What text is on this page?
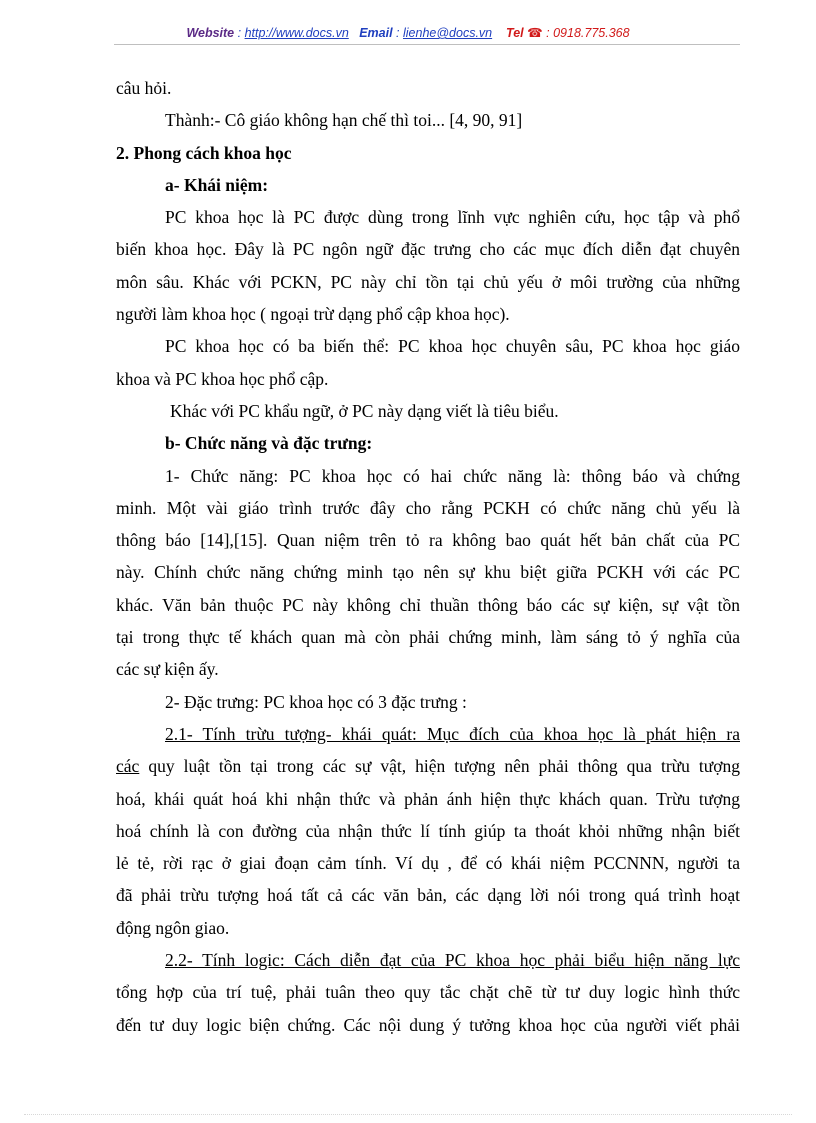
Website : http://www.docs.vn Email : lienhe@docs.vn Tel ☎ : 0918.775.368
câu hỏi.
Thành:- Cô giáo không hạn chế thì toi... [4, 90, 91]
2. Phong cách khoa học
a- Khái niệm:
PC khoa học là PC được dùng trong lĩnh vực nghiên cứu, học tập và phổ
biến khoa học. Đây là PC ngôn ngữ đặc trưng cho các mục đích diễn đạt chuyên
môn sâu. Khác với PCKN, PC này chỉ tồn tại chủ yếu ở môi trường của những
người làm khoa học ( ngoại trừ dạng phổ cập khoa học).
PC khoa học có ba biến thể: PC khoa học chuyên sâu, PC khoa học giáo
khoa và PC khoa học phổ cập.
Khác với PC khẩu ngữ, ở PC này dạng viết là tiêu biểu.
b- Chức năng và đặc trưng:
1- Chức năng: PC khoa học có hai chức năng là: thông báo và chứng
minh. Một vài giáo trình trước đây cho rằng PCKH có chức năng chủ yếu là
thông báo [14],[15]. Quan niệm trên tỏ ra không bao quát hết bản chất của PC
này. Chính chức năng chứng minh tạo nên sự khu biệt giữa PCKH với các PC
khác. Văn bản thuộc PC này không chỉ thuần thông báo các sự kiện, sự vật tồn
tại trong thực tế khách quan mà còn phải chứng minh, làm sáng tỏ ý nghĩa của
các sự kiện ấy.
2- Đặc trưng: PC khoa học có 3 đặc trưng :
2.1- Tính trừu tượng- khái quát: Mục đích của khoa học là phát hiện ra
các quy luật tồn tại trong các sự vật, hiện tượng nên phải thông qua trừu tượng
hoá, khái quát hoá khi nhận thức và phản ánh hiện thực khách quan. Trừu tượng
hoá chính là con đường của nhận thức lí tính giúp ta thoát khỏi những nhận biết
lẻ tẻ, rời rạc ở giai đoạn cảm tính. Ví dụ , để có khái niệm PCCNNN, người ta
đã phải trừu tượng hoá tất cả các văn bản, các dạng lời nói trong quá trình hoạt
động ngôn giao.
2.2- Tính logic: Cách diễn đạt của PC khoa học phải biểu hiện năng lực
tổng hợp của trí tuệ, phải tuân theo quy tắc chặt chẽ từ tư duy logic hình thức
đến tư duy logic biện chứng. Các nội dung ý tưởng khoa học của người viết phải
